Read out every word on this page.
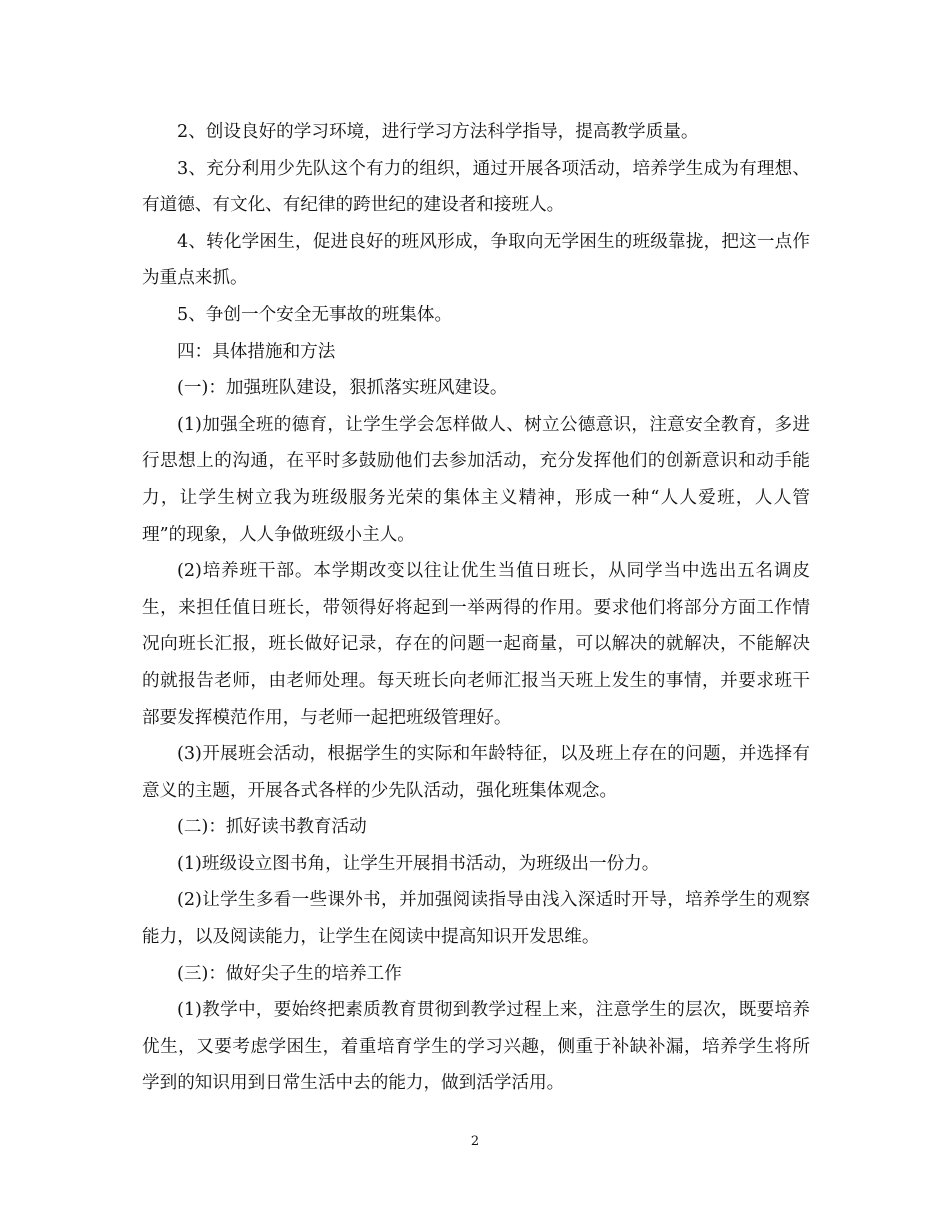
2、创设良好的学习环境，进行学习方法科学指导，提高教学质量。

3、充分利用少先队这个有力的组织，通过开展各项活动，培养学生成为有理想、有道德、有文化、有纪律的跨世纪的建设者和接班人。

4、转化学困生，促进良好的班风形成，争取向无学困生的班级靠拢，把这一点作为重点来抓。

5、争创一个安全无事故的班集体。

四：具体措施和方法

(一)：加强班队建设，狠抓落实班风建设。

(1)加强全班的德育，让学生学会怎样做人、树立公德意识，注意安全教育，多进行思想上的沟通，在平时多鼓励他们去参加活动，充分发挥他们的创新意识和动手能力，让学生树立我为班级服务光荣的集体主义精神，形成一种“人人爱班，人人管理”的现象，人人争做班级小主人。

(2)培养班干部。本学期改变以往让优生当值日班长，从同学当中选出五名调皮生，来担任值日班长，带领得好将起到一举两得的作用。要求他们将部分方面工作情况向班长汇报，班长做好记录，存在的问题一起商量，可以解决的就解决，不能解决的就报告老师，由老师处理。每天班长向老师汇报当天班上发生的事情，并要求班干部要发挥模范作用，与老师一起把班级管理好。

(3)开展班会活动，根据学生的实际和年龄特征，以及班上存在的问题，并选择有意义的主题，开展各式各样的少先队活动，强化班集体观念。

(二)：抓好读书教育活动

(1)班级设立图书角，让学生开展捐书活动，为班级出一份力。

(2)让学生多看一些课外书，并加强阅读指导由浅入深适时开导，培养学生的观察能力，以及阅读能力，让学生在阅读中提高知识开发思维。

(三)：做好尖子生的培养工作

(1)教学中，要始终把素质教育贯彻到教学过程上来，注意学生的层次，既要培养优生，又要考虑学困生，着重培育学生的学习兴趣，侧重于补缺补漏，培养学生将所学到的知识用到日常生活中去的能力，做到活学活用。

2
